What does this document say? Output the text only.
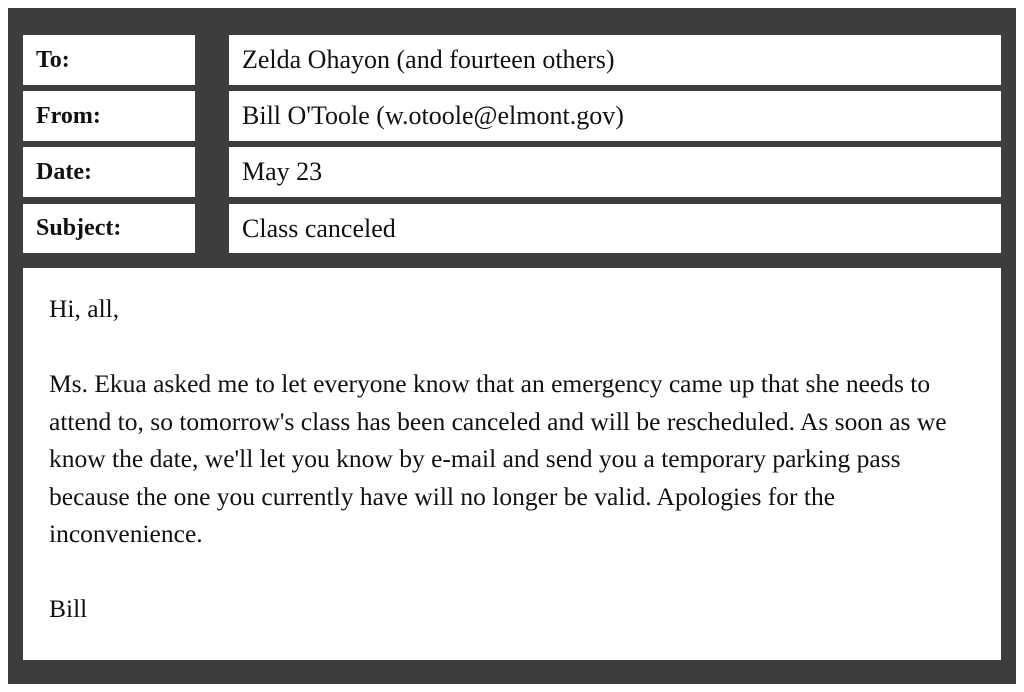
To:	Zelda Ohayon (and fourteen others)
From:	Bill O'Toole (w.otoole@elmont.gov)
Date:	May 23
Subject:	Class canceled

Hi, all,

Ms. Ekua asked me to let everyone know that an emergency came up that she needs to attend to, so tomorrow's class has been canceled and will be rescheduled. As soon as we know the date, we'll let you know by e-mail and send you a temporary parking pass because the one you currently have will no longer be valid. Apologies for the inconvenience.

Bill
